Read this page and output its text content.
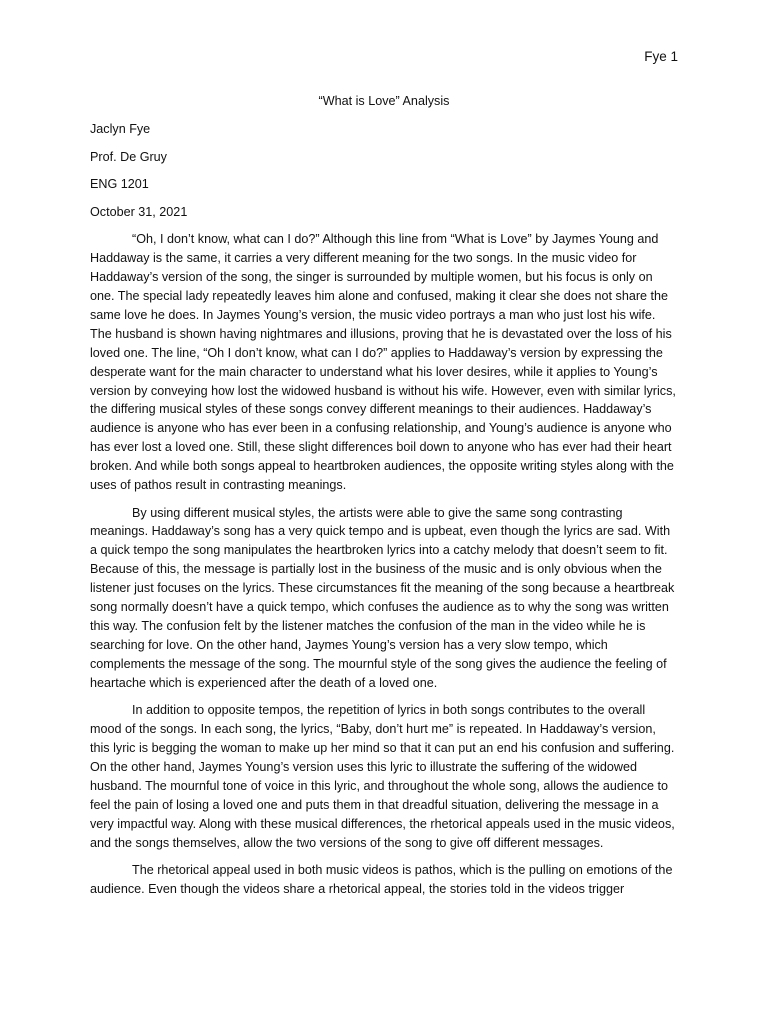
Fye 1
“What is Love” Analysis
Jaclyn Fye
Prof. De Gruy
ENG 1201
October 31, 2021

“Oh, I don’t know, what can I do?” Although this line from “What is Love” by Jaymes Young and Haddaway is the same, it carries a very different meaning for the two songs. In the music video for Haddaway’s version of the song, the singer is surrounded by multiple women, but his focus is only on one. The special lady repeatedly leaves him alone and confused, making it clear she does not share the same love he does. In Jaymes Young’s version, the music video portrays a man who just lost his wife. The husband is shown having nightmares and illusions, proving that he is devastated over the loss of his loved one. The line, “Oh I don’t know, what can I do?” applies to Haddaway’s version by expressing the desperate want for the main character to understand what his lover desires, while it applies to Young’s version by conveying how lost the widowed husband is without his wife. However, even with similar lyrics, the differing musical styles of these songs convey different meanings to their audiences. Haddaway’s audience is anyone who has ever been in a confusing relationship, and Young’s audience is anyone who has ever lost a loved one. Still, these slight differences boil down to anyone who has ever had their heart broken. And while both songs appeal to heartbroken audiences, the opposite writing styles along with the uses of pathos result in contrasting meanings.

By using different musical styles, the artists were able to give the same song contrasting meanings. Haddaway’s song has a very quick tempo and is upbeat, even though the lyrics are sad. With a quick tempo the song manipulates the heartbroken lyrics into a catchy melody that doesn’t seem to fit. Because of this, the message is partially lost in the business of the music and is only obvious when the listener just focuses on the lyrics. These circumstances fit the meaning of the song because a heartbreak song normally doesn’t have a quick tempo, which confuses the audience as to why the song was written this way. The confusion felt by the listener matches the confusion of the man in the video while he is searching for love. On the other hand, Jaymes Young’s version has a very slow tempo, which complements the message of the song. The mournful style of the song gives the audience the feeling of heartache which is experienced after the death of a loved one.

In addition to opposite tempos, the repetition of lyrics in both songs contributes to the overall mood of the songs. In each song, the lyrics, “Baby, don’t hurt me” is repeated. In Haddaway’s version, this lyric is begging the woman to make up her mind so that it can put an end his confusion and suffering. On the other hand, Jaymes Young’s version uses this lyric to illustrate the suffering of the widowed husband. The mournful tone of voice in this lyric, and throughout the whole song, allows the audience to feel the pain of losing a loved one and puts them in that dreadful situation, delivering the message in a very impactful way. Along with these musical differences, the rhetorical appeals used in the music videos, and the songs themselves, allow the two versions of the song to give off different messages.

The rhetorical appeal used in both music videos is pathos, which is the pulling on emotions of the audience. Even though the videos share a rhetorical appeal, the stories told in the videos trigger
